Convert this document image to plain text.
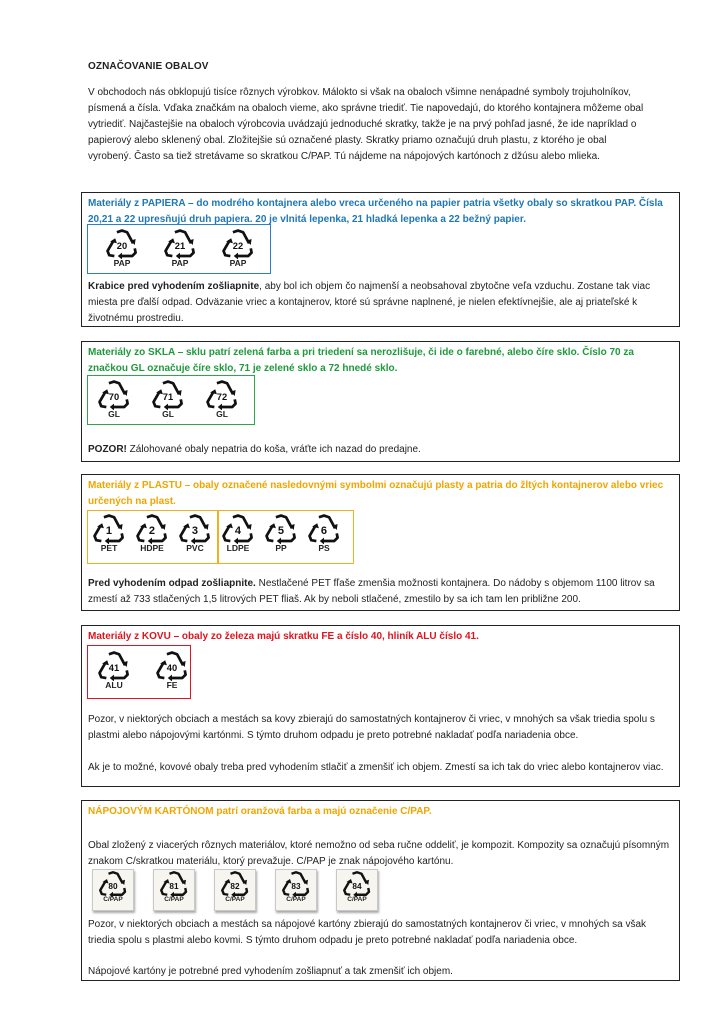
OZNAČOVANIE OBALOV
V obchodoch nás obklopujú tisíce rôznych výrobkov. Málokto si však na obaloch všimne nenápadné symboly trojuholníkov, písmená a čísla. Vďaka značkám na obaloch vieme, ako správne triediť. Tie napovedajú, do ktorého kontajnera môžeme obal vytriediť. Najčastejšie na obaloch výrobcovia uvádzajú jednoduché skratky, takže je na prvý pohľad jasné, že ide napríklad o papierový alebo sklenený obal. Zložitejšie sú označené plasty. Skratky priamo označujú druh plastu, z ktorého je obal vyrobený. Často sa tiež stretávame so skratkou C/PAP. Tú nájdeme na nápojových kartónoch z džúsu alebo mlieka.
Materiály z PAPIERA – do modrého kontajnera alebo vreca určeného na papier patria všetky obaly so skratkou PAP. Čísla 20,21 a 22 upresňujú druh papiera. 20 je vlnitá lepenka, 21 hladká lepenka a 22 bežný papier.
20
PAP
21
PAP
22
PAP
Krabice pred vyhodením zošliapnite, aby bol ich objem čo najmenší a neobsahoval zbytočne veľa vzduchu. Zostane tak viac miesta pre ďalší odpad. Odväzanie vriec a kontajnerov, ktoré sú správne naplnené, je nielen efektívnejšie, ale aj priateľské k životnému prostrediu.
Materiály zo SKLA – sklu patrí zelená farba a pri triedení sa nerozlišuje, či ide o farebné, alebo číre sklo. Číslo 70 za značkou GL označuje číre sklo, 71 je zelené sklo a 72 hnedé sklo.
70
GL
71
GL
72
GL
POZOR! Zálohované obaly nepatria do koša, vráťte ich nazad do predajne.
Materiály z PLASTU – obaly označené nasledovnými symbolmi označujú plasty a patria do žltých kontajnerov alebo vriec určených na plast.
1
PET
2
HDPE
3
PVC
4
LDPE
5
PP
6
PS
Pred vyhodením odpad zošliapnite. Nestlačené PET fľaše zmenšia možnosti kontajnera. Do nádoby s objemom 1100 litrov sa zmestí až 733 stlačených 1,5 litrových PET fliaš. Ak by neboli stlačené, zmestilo by sa ich tam len približne 200.
Materiály z KOVU – obaly zo železa majú skratku FE a číslo 40, hliník ALU číslo 41.
41
ALU
40
FE
Pozor, v niektorých obciach a mestách sa kovy zbierajú do samostatných kontajnerov či vriec, v mnohých sa však triedia spolu s plastmi alebo nápojovými kartónmi. S týmto druhom odpadu je preto potrebné nakladať podľa nariadenia obce.
Ak je to možné, kovové obaly treba pred vyhodením stlačiť a zmenšiť ich objem. Zmestí sa ich tak do vriec alebo kontajnerov viac.
NÁPOJOVÝM KARTÓNOM patrí oranžová farba a majú označenie C/PAP.
Obal zložený z viacerých rôznych materiálov, ktoré nemožno od seba ručne oddeliť, je kompozit. Kompozity sa označujú písomným znakom C/skratkou materiálu, ktorý prevažuje. C/PAP je znak nápojového kartónu.
80
C/PAP
81
C/PAP
82
C/PAP
83
C/PAP
84
C/PAP
Pozor, v niektorých obciach a mestách sa nápojové kartóny zbierajú do samostatných kontajnerov či vriec, v mnohých sa však triedia spolu s plastmi alebo kovmi. S týmto druhom odpadu je preto potrebné nakladať podľa nariadenia obce.
Nápojové kartóny je potrebné pred vyhodením zošliapnuť a tak zmenšiť ich objem.
